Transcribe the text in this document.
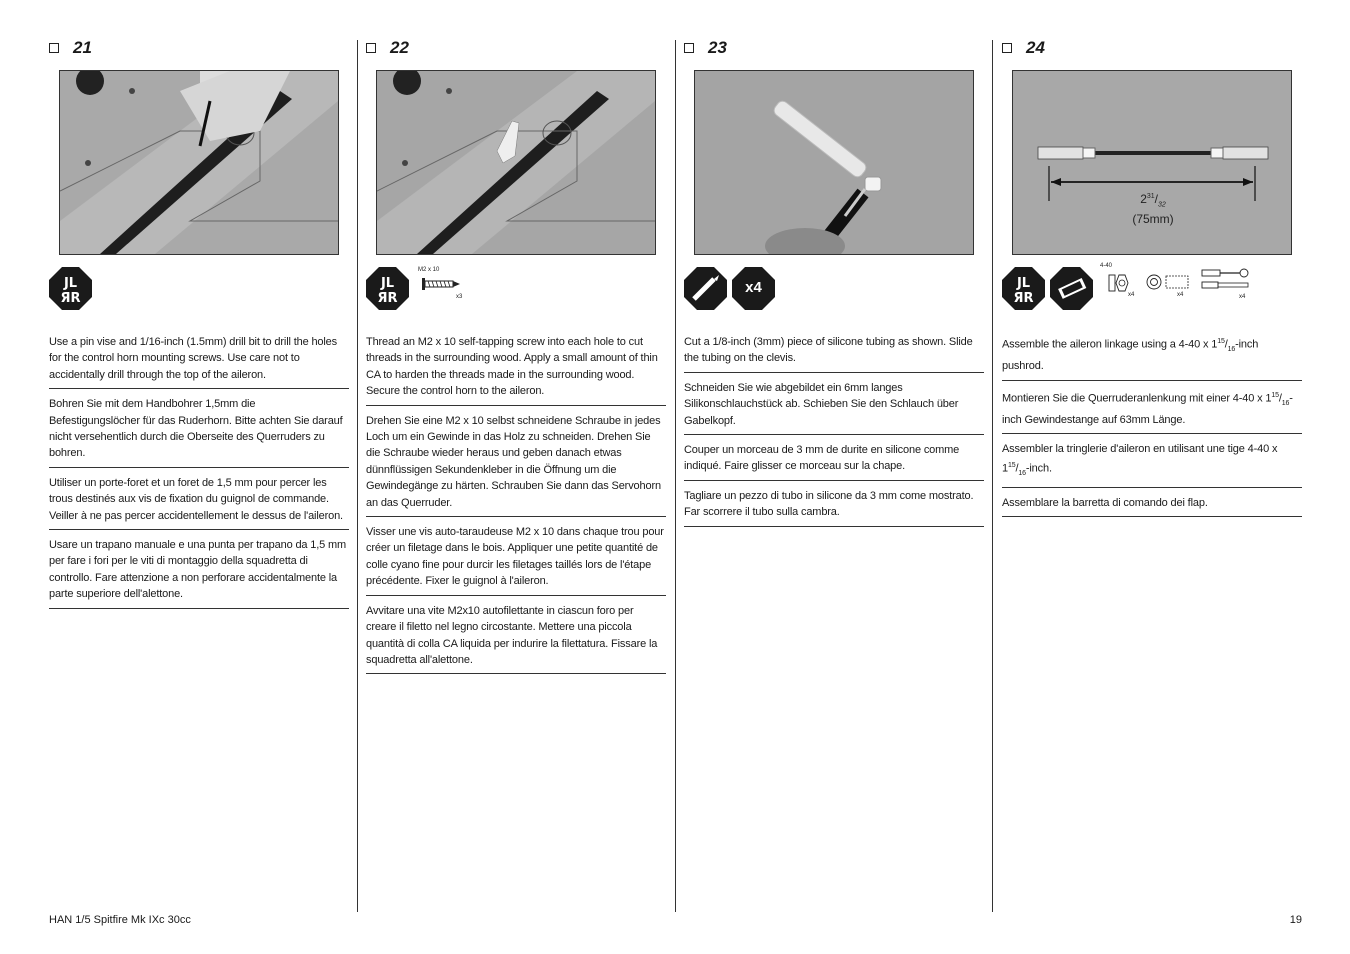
21
JL
ЯR
Use a pin vise and 1/16-inch (1.5mm) drill bit to drill the holes for the control horn mounting screws. Use care not to accidentally drill through the top of the aileron.
Bohren Sie mit dem Handbohrer 1,5mm die Befestigungslöcher für das Ruderhorn. Bitte achten Sie darauf nicht versehentlich durch die Oberseite des Querruders zu bohren.
Utiliser un porte-foret et un foret de 1,5 mm pour percer les trous destinés aux vis de fixation du guignol de commande. Veiller à ne pas percer accidentellement le dessus de l'aileron.
Usare un trapano manuale e una punta per trapano da 1,5 mm per fare i fori per le viti di montaggio della squadretta di controllo. Fare attenzione a non perforare accidentalmente la parte superiore dell'alettone.
22
JL
ЯR
M2 x 10
x3
Thread an M2 x 10 self-tapping screw into each hole to cut threads in the surrounding wood. Apply a small amount of thin CA to harden the threads made in the surrounding wood. Secure the control horn to the aileron.
Drehen Sie eine M2 x 10 selbst schneidene Schraube in jedes Loch um ein Gewinde in das Holz zu schneiden. Drehen Sie die Schraube wieder heraus und geben danach etwas dünnflüssigen Sekundenkleber in die Öffnung um die Gewindegänge zu härten. Schrauben Sie dann das Servohorn an das Querruder.
Visser une vis auto-taraudeuse M2 x 10 dans chaque trou pour créer un filetage dans le bois. Appliquer une petite quantité de colle cyano fine pour durcir les filetages taillés lors de l'étape précédente. Fixer le guignol à l'aileron.
Avvitare una vite M2x10 autofilettante in ciascun foro per creare il filetto nel legno circostante. Mettere una piccola quantità di colla CA liquida per indurire la filettatura. Fissare la squadretta all'alettone.
23
x4
Cut a 1/8-inch (3mm) piece of silicone tubing as shown. Slide the tubing on the clevis.
Schneiden Sie wie abgebildet ein 6mm langes Silikonschlauchstück ab. Schieben Sie den Schlauch über Gabelkopf.
Couper un morceau de 3 mm de durite en silicone comme indiqué. Faire glisser ce morceau sur la chape.
Tagliare un pezzo di tubo in silicone da 3 mm come mostrato. Far scorrere il tubo sulla cambra.
24
$2^{31}/_{32}$
(75mm)
JL
ЯR
4-40
x4	x4	x4
Assemble the aileron linkage using a 4-40 x $1^{15}/_{16}$-inch pushrod.
Montieren Sie die Querruderanlenkung mit einer 4-40 x $1^{15}/_{16}$-inch Gewindestange auf 63mm Länge.
Assembler la tringlerie d'aileron en utilisant une tige 4-40 x $1^{15}/_{16}$-inch.
Assemblare la barretta di comando dei flap.
HAN 1/5 Spitfire Mk IXc 30cc	19
